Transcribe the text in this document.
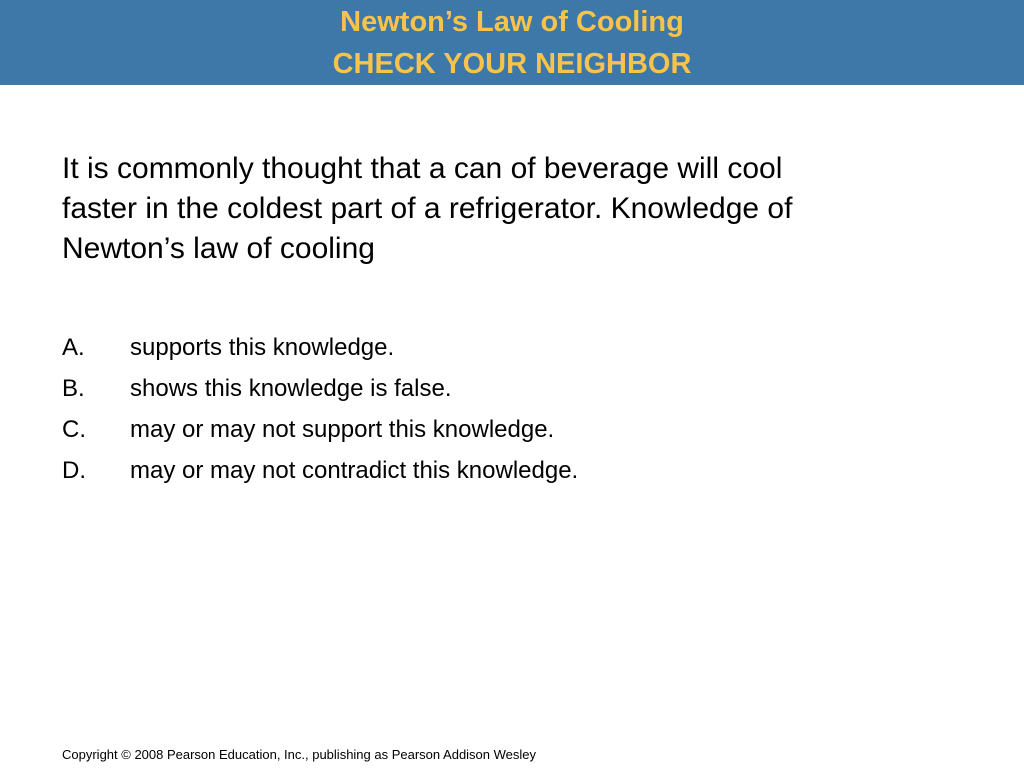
Newton’s Law of Cooling
CHECK YOUR NEIGHBOR
It is commonly thought that a can of beverage will cool
faster in the coldest part of a refrigerator. Knowledge of
Newton’s law of cooling
A. supports this knowledge.
B. shows this knowledge is false.
C. may or may not support this knowledge.
D. may or may not contradict this knowledge.
Copyright © 2008 Pearson Education, Inc., publishing as Pearson Addison Wesley
